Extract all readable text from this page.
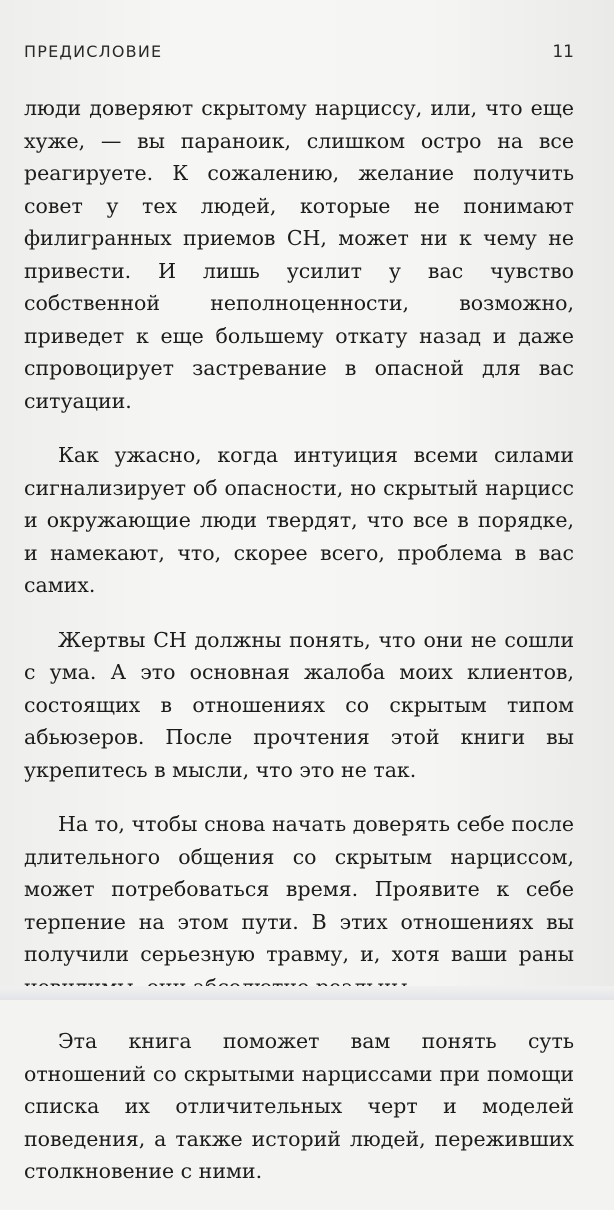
ПРЕДИСЛОВИЕ	11

люди доверяют скрытому нарциссу, или, что еще хуже, — вы параноик, слишком остро на все реагируете. К сожалению, желание получить совет у тех людей, которые не понимают филигранных приемов СН, может ни к чему не привести. И лишь усилит у вас чувство собственной неполноценности, возможно, приведет к еще большему откату назад и даже спровоцирует застревание в опасной для вас ситуации.

Как ужасно, когда интуиция всеми силами сигнализирует об опасности, но скрытый нарцисс и окружающие люди твердят, что все в порядке, и намекают, что, скорее всего, проблема в вас самих.

Жертвы СН должны понять, что они не сошли с ума. А это основная жалоба моих клиентов, состоящих в отношениях со скрытым типом абьюзеров. После прочтения этой книги вы укрепитесь в мысли, что это не так.

На то, чтобы снова начать доверять себе после длительного общения со скрытым нарциссом, может потребоваться время. Проявите к себе терпение на этом пути. В этих отношениях вы получили серьезную травму, и, хотя ваши раны

Эта книга поможет вам понять суть отношений со скрытыми нарциссами при помощи списка их отличительных черт и моделей поведения, а также историй людей, переживших столкновение с ними.
